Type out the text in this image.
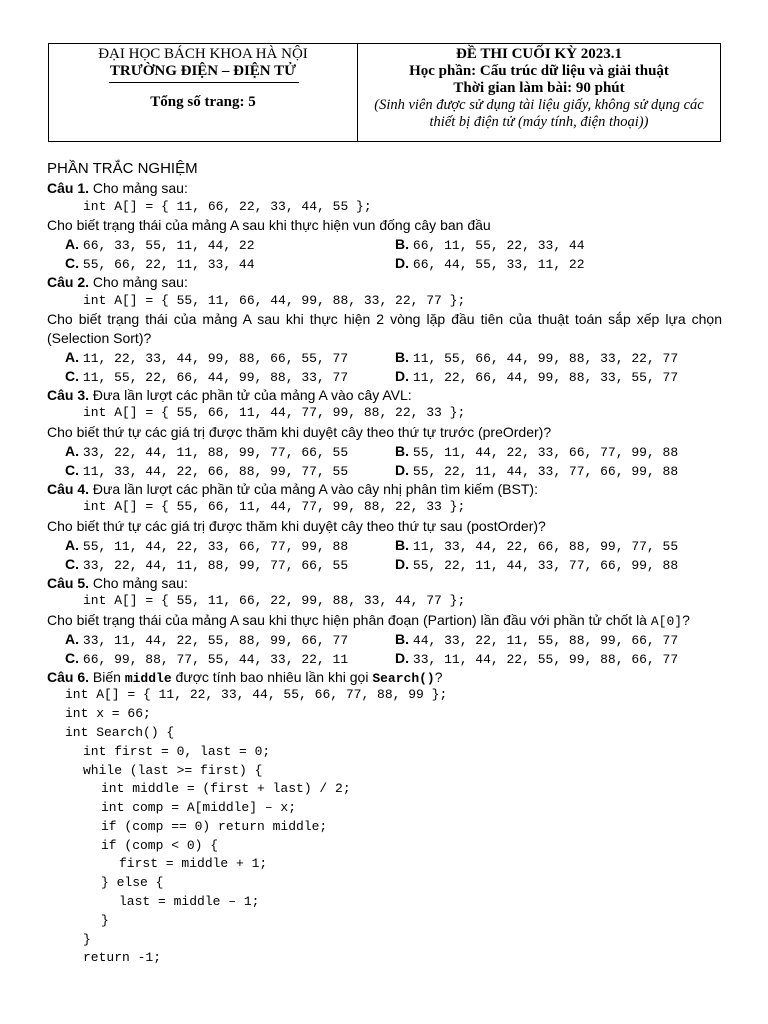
ĐẠI HỌC BÁCH KHOA HÀ NỘI
TRƯỜNG ĐIỆN – ĐIỆN TỬ
Tổng số trang: 5
ĐỀ THI CUỐI KỲ 2023.1
Học phần: Cấu trúc dữ liệu và giải thuật
Thời gian làm bài: 90 phút
(Sinh viên được sử dụng tài liệu giấy, không sử dụng các thiết bị điện tử (máy tính, điện thoại))
PHẦN TRẮC NGHIỆM
Câu 1. Cho mảng sau:
int A[] = { 11, 66, 22, 33, 44, 55 };
Cho biết trạng thái của mảng A sau khi thực hiện vun đống cây ban đầu
A. 66, 33, 55, 11, 44, 22	B. 66, 11, 55, 22, 33, 44
C. 55, 66, 22, 11, 33, 44	D. 66, 44, 55, 33, 11, 22
Câu 2. Cho mảng sau:
int A[] = { 55, 11, 66, 44, 99, 88, 33, 22, 77 };
Cho biết trạng thái của mảng A sau khi thực hiện 2 vòng lặp đầu tiên của thuật toán sắp xếp lựa chọn
(Selection Sort)?
A. 11, 22, 33, 44, 99, 88, 66, 55, 77	B. 11, 55, 66, 44, 99, 88, 33, 22, 77
C. 11, 55, 22, 66, 44, 99, 88, 33, 77	D. 11, 22, 66, 44, 99, 88, 33, 55, 77
Câu 3. Đưa lần lượt các phần tử của mảng A vào cây AVL:
int A[] = { 55, 66, 11, 44, 77, 99, 88, 22, 33 };
Cho biết thứ tự các giá trị được thăm khi duyệt cây theo thứ tự trước (preOrder)?
A. 33, 22, 44, 11, 88, 99, 77, 66, 55	B. 55, 11, 44, 22, 33, 66, 77, 99, 88
C. 11, 33, 44, 22, 66, 88, 99, 77, 55	D. 55, 22, 11, 44, 33, 77, 66, 99, 88
Câu 4. Đưa lần lượt các phần tử của mảng A vào cây nhị phân tìm kiếm (BST):
int A[] = { 55, 66, 11, 44, 77, 99, 88, 22, 33 };
Cho biết thứ tự các giá trị được thăm khi duyệt cây theo thứ tự sau (postOrder)?
A. 55, 11, 44, 22, 33, 66, 77, 99, 88	B. 11, 33, 44, 22, 66, 88, 99, 77, 55
C. 33, 22, 44, 11, 88, 99, 77, 66, 55	D. 55, 22, 11, 44, 33, 77, 66, 99, 88
Câu 5. Cho mảng sau:
int A[] = { 55, 11, 66, 22, 99, 88, 33, 44, 77 };
Cho biết trạng thái của mảng A sau khi thực hiện phân đoạn (Partion) lần đầu với phần tử chốt là A[0]?
A. 33, 11, 44, 22, 55, 88, 99, 66, 77	B. 44, 33, 22, 11, 55, 88, 99, 66, 77
C. 66, 99, 88, 77, 55, 44, 33, 22, 11	D. 33, 11, 44, 22, 55, 99, 88, 66, 77
Câu 6. Biến middle được tính bao nhiêu lần khi gọi Search()?
int A[] = { 11, 22, 33, 44, 55, 66, 77, 88, 99 };
int x = 66;
int Search() {
int first = 0, last = 0;
while (last >= first) {
int middle = (first + last) / 2;
int comp = A[middle] – x;
if (comp == 0) return middle;
if (comp < 0) {
first = middle + 1;
} else {
last = middle – 1;
}
}
return -1;
